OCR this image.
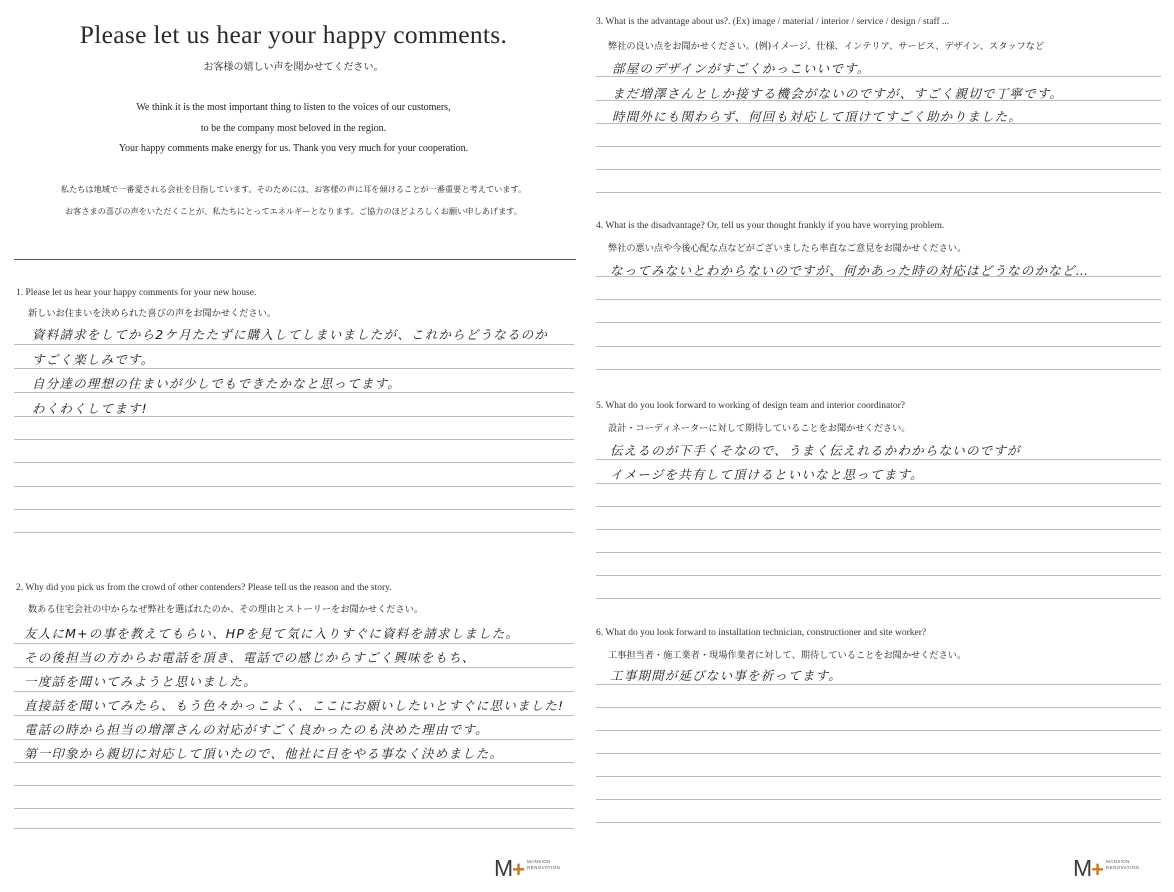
Please let us hear your happy comments.
お客様の嬉しい声を聞かせてください。
We think it is the most important thing to listen to the voices of our customers,
to be the company most beloved in the region.
Your happy comments make energy for us. Thank you very much for your cooperation.
私たちは地域で一番愛される会社を目指しています。そのためには、お客様の声に耳を傾けることが一番重要と考えています。
お客さまの喜びの声をいただくことが、私たちにとってエネルギーとなります。ご協力のほどよろしくお願い申しあげます。
1. Please let us hear your happy comments for your new house.
新しいお住まいを決められた喜びの声をお聞かせください。
資料請求をしてから2ケ月たたずに購入してしまいましたが、これからどうなるのか
すごく楽しみです。
自分達の理想の住まいが少しでもできたかなと思ってます。
わくわくしてます!
2. Why did you pick us from the crowd of other contenders? Please tell us the reason and the story.
数ある住宅会社の中からなぜ弊社を選ばれたのか、その理由とストーリーをお聞かせください。
友人にM+の事を教えてもらい、HPを見て気に入りすぐに資料を請求しました。
その後担当の方からお電話を頂き、電話での感じからすごく興味をもち、
一度話を聞いてみようと思いました。
直接話を聞いてみたら、もう色々かっこよく、ここにお願いしたいとすぐに思いました!
電話の時から担当の増澤さんの対応がすごく良かったのも決めた理由です。
第一印象から親切に対応して頂いたので、他社に目をやる事なく決めました。
M + MANSION
RENOVATION
3. What is the advantage about us?. (Ex) image / material / interior / service / design / staff ...
弊社の良い点をお聞かせください。(例)イメージ、仕様、インテリア、サービス、デザイン、スタッフなど
部屋のデザインがすごくかっこいいです。
まだ増澤さんとしか接する機会がないのですが、すごく親切で丁寧です。
時間外にも関わらず、何回も対応して頂けてすごく助かりました。
4. What is the disadvantage? Or, tell us your thought frankly if you have worrying problem.
弊社の悪い点や今後心配な点などがございましたら率直なご意見をお聞かせください。
なってみないとわからないのですが、何かあった時の対応はどうなのかなど…
5. What do you look forward to working of design team and interior coordinator?
設計・コーディネーターに対して期待していることをお聞かせください。
伝えるのが下手くそなので、うまく伝えれるかわからないのですが
イメージを共有して頂けるといいなと思ってます。
6. What do you look forward to installation technician, constructioner and site worker?
工事担当者・施工業者・現場作業者に対して、期待していることをお聞かせください。
工事期間が延びない事を祈ってます。
M + MANSION
RENOVATION
